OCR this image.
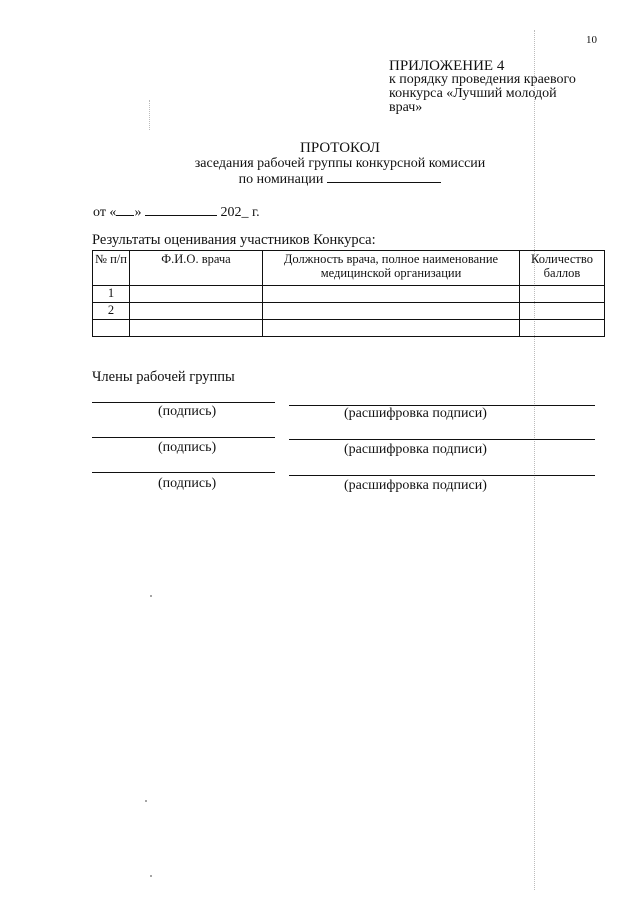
10
ПРИЛОЖЕНИЕ 4
к порядку проведения краевого
конкурса «Лучший молодой
врач»
ПРОТОКОЛ
заседания рабочей группы конкурсной комиссии
по номинации
от « »	202_ г.
Результаты оценивания участников Конкурса:
№ п/п	Ф.И.О. врача	Должность врача, полное наименование медицинской организации	Количество баллов
1			
2			

Члены рабочей группы
(подпись)	(расшифровка подписи)
(подпись)	(расшифровка подписи)
(подпись)	(расшифровка подписи)
